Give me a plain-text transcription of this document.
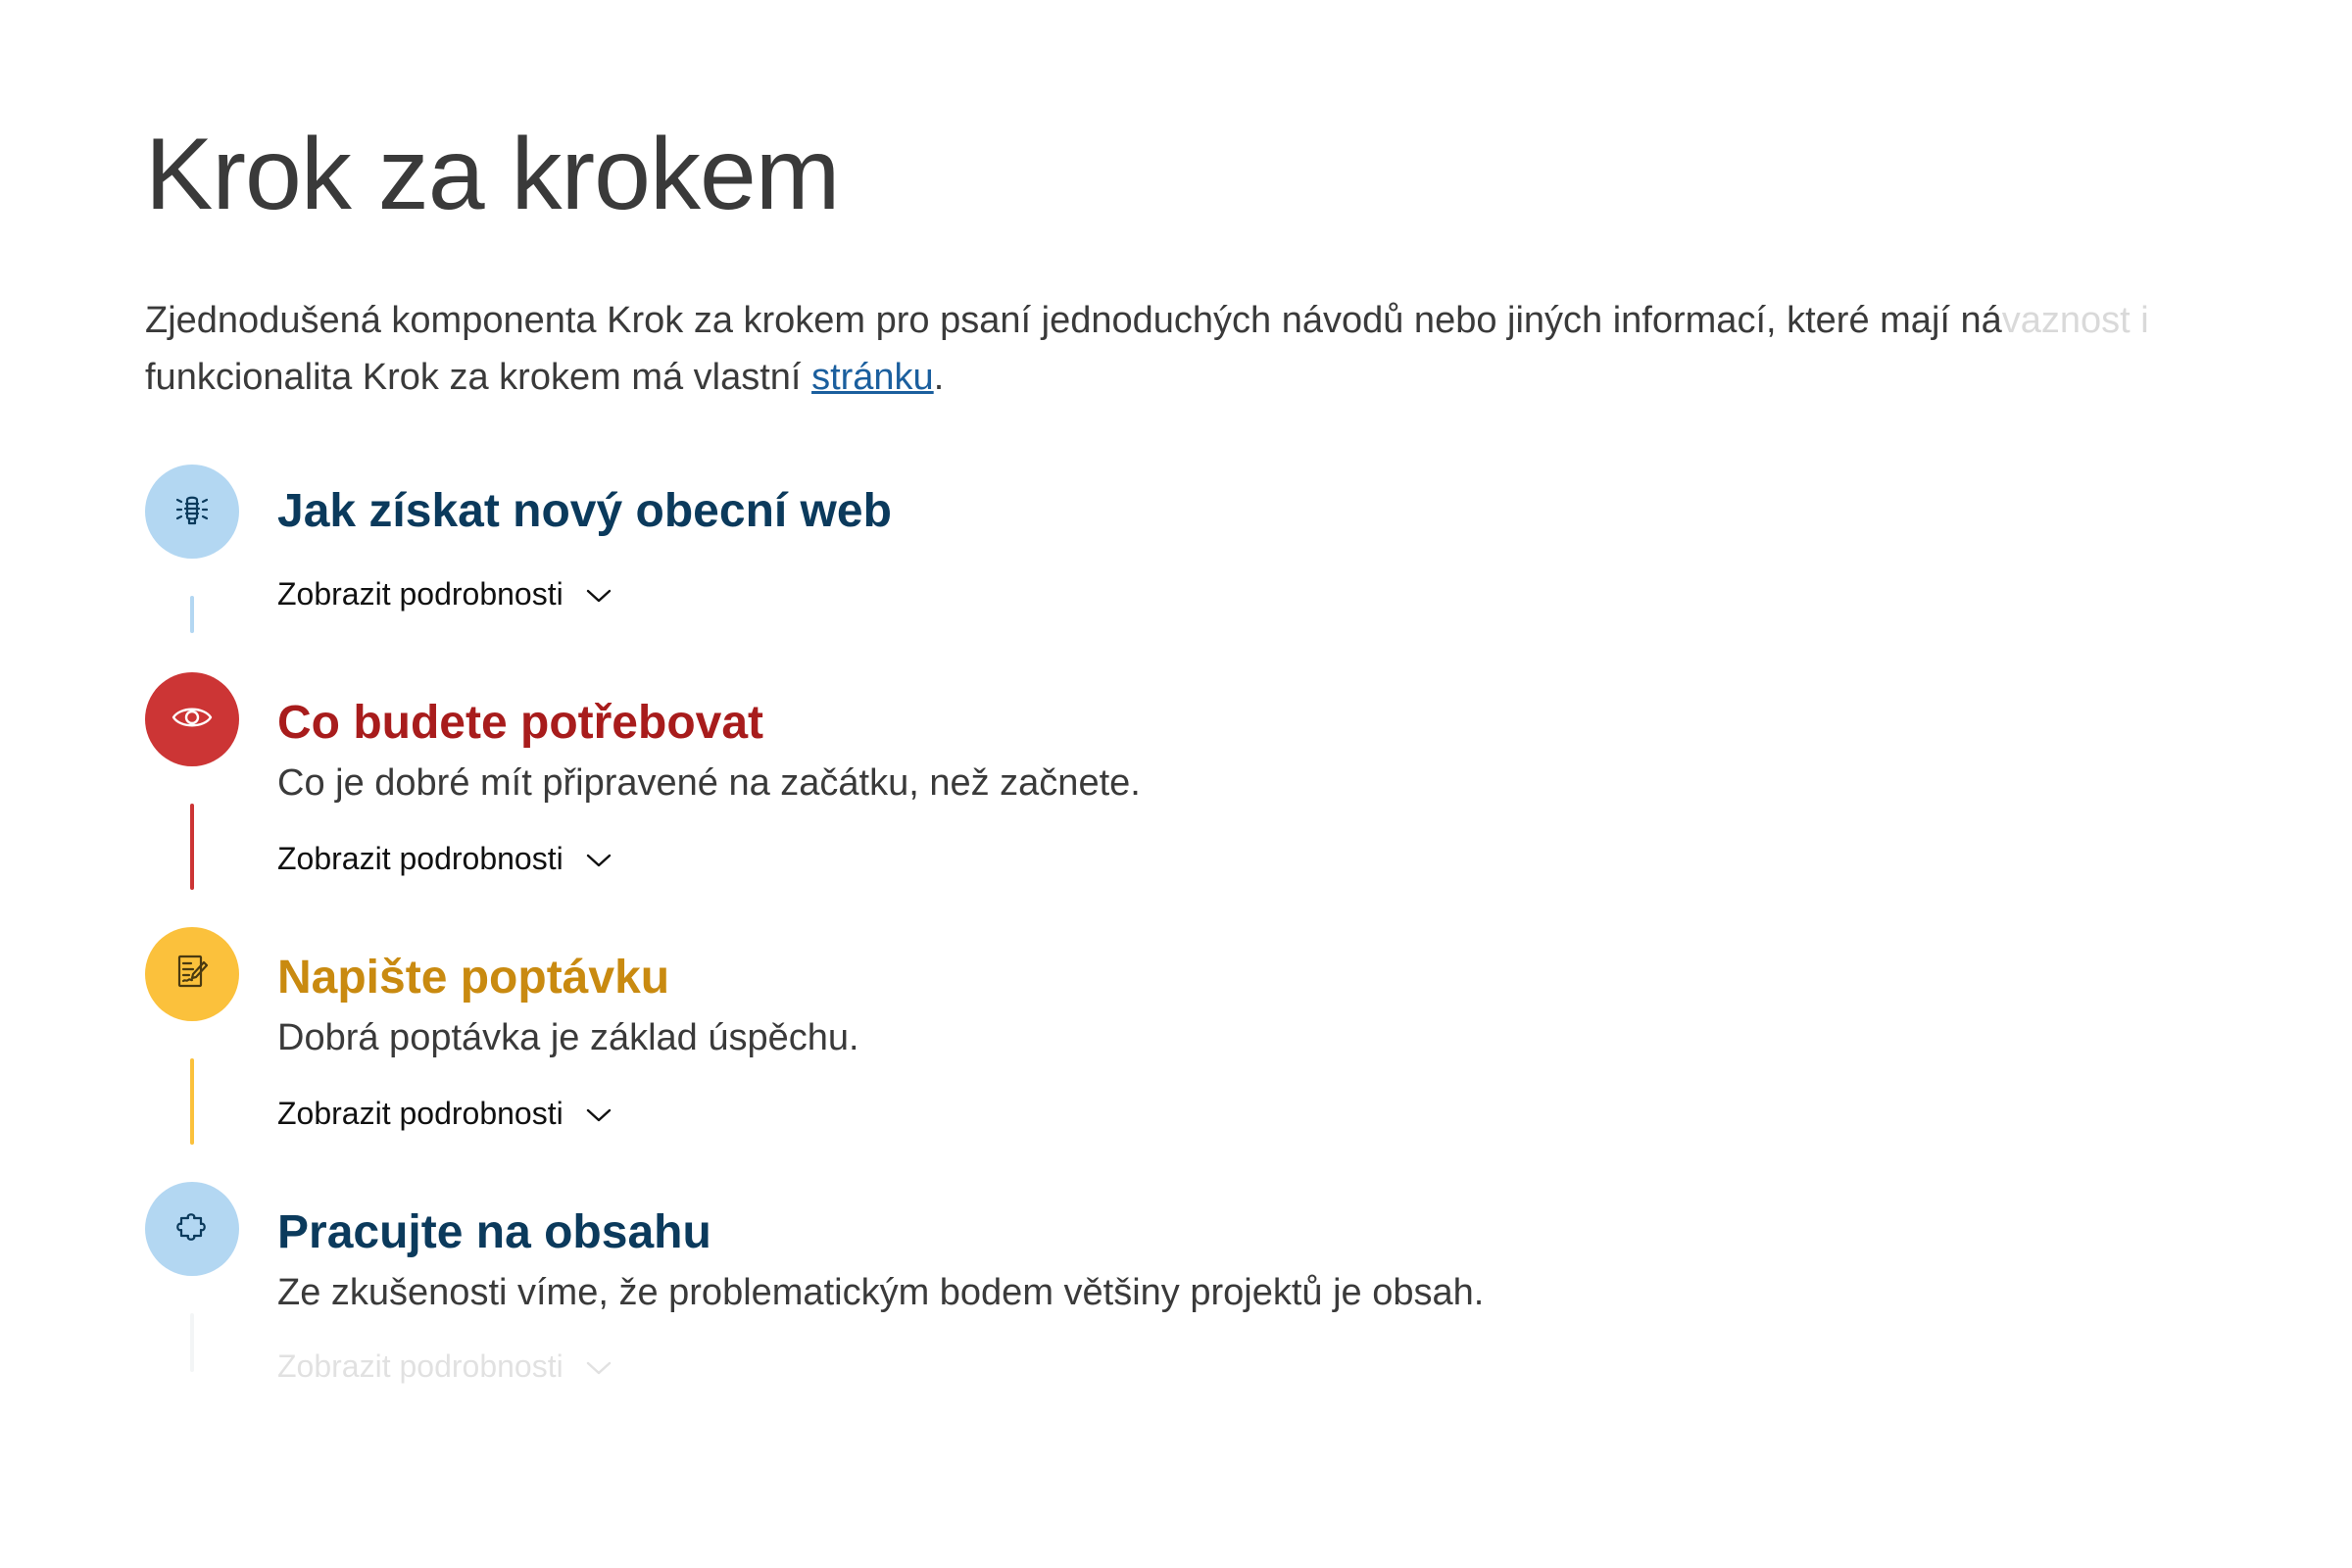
Krok za krokem

Zjednodušená komponenta Krok za krokem pro psaní jednoduchých návodů nebo jiných informací, které mají návaznost i
funkcionalita Krok za krokem má vlastní stránku.

Jak získat nový obecní web
Zobrazit podrobnosti
Co budete potřebovat

Co je dobré mít připravené na začátku, než začnete.

Zobrazit podrobnosti
Napište poptávku

Dobrá poptávka je základ úspěchu.

Zobrazit podrobnosti
Pracujte na obsahu

Ze zkušenosti víme, že problematickým bodem většiny projektů je obsah.

Zobrazit podrobnosti
